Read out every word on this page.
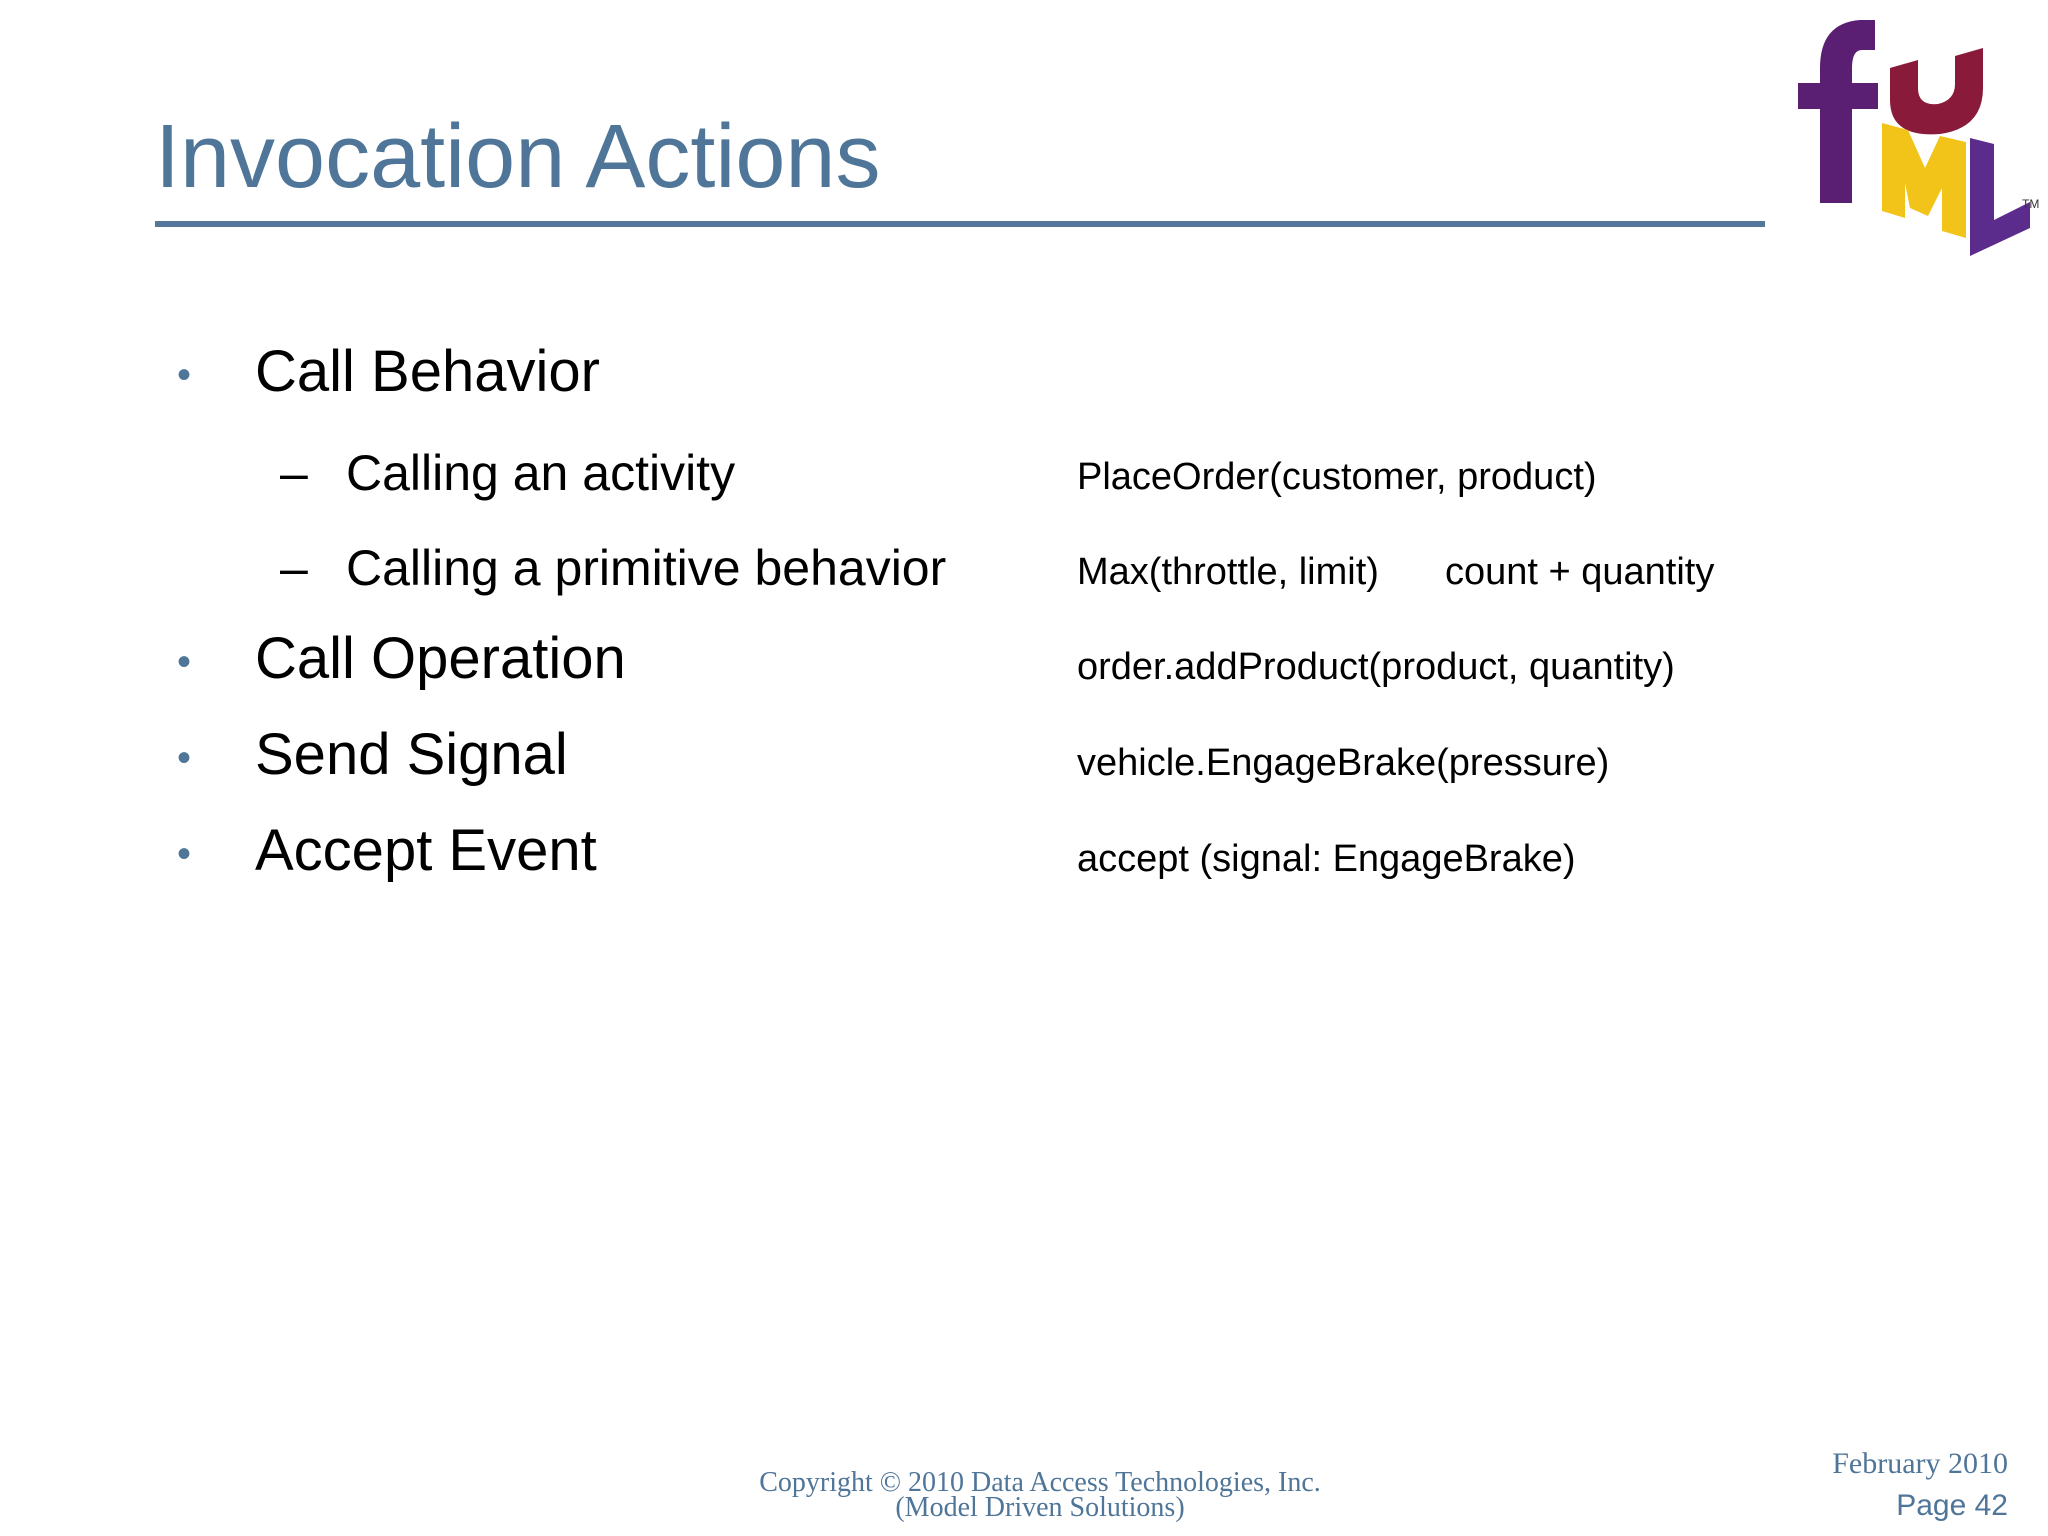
Invocation Actions	TM
• Call Behavior
– Calling an activity	PlaceOrder(customer, product)
– Calling a primitive behavior	Max(throttle, limit) count + quantity
• Call Operation	order.addProduct(product, quantity)
• Send Signal	vehicle.EngageBrake(pressure)
• Accept Event	accept (signal: EngageBrake)
Copyright © 2010 Data Access Technologies, Inc.
(Model Driven Solutions)
February 2010
Page 42
